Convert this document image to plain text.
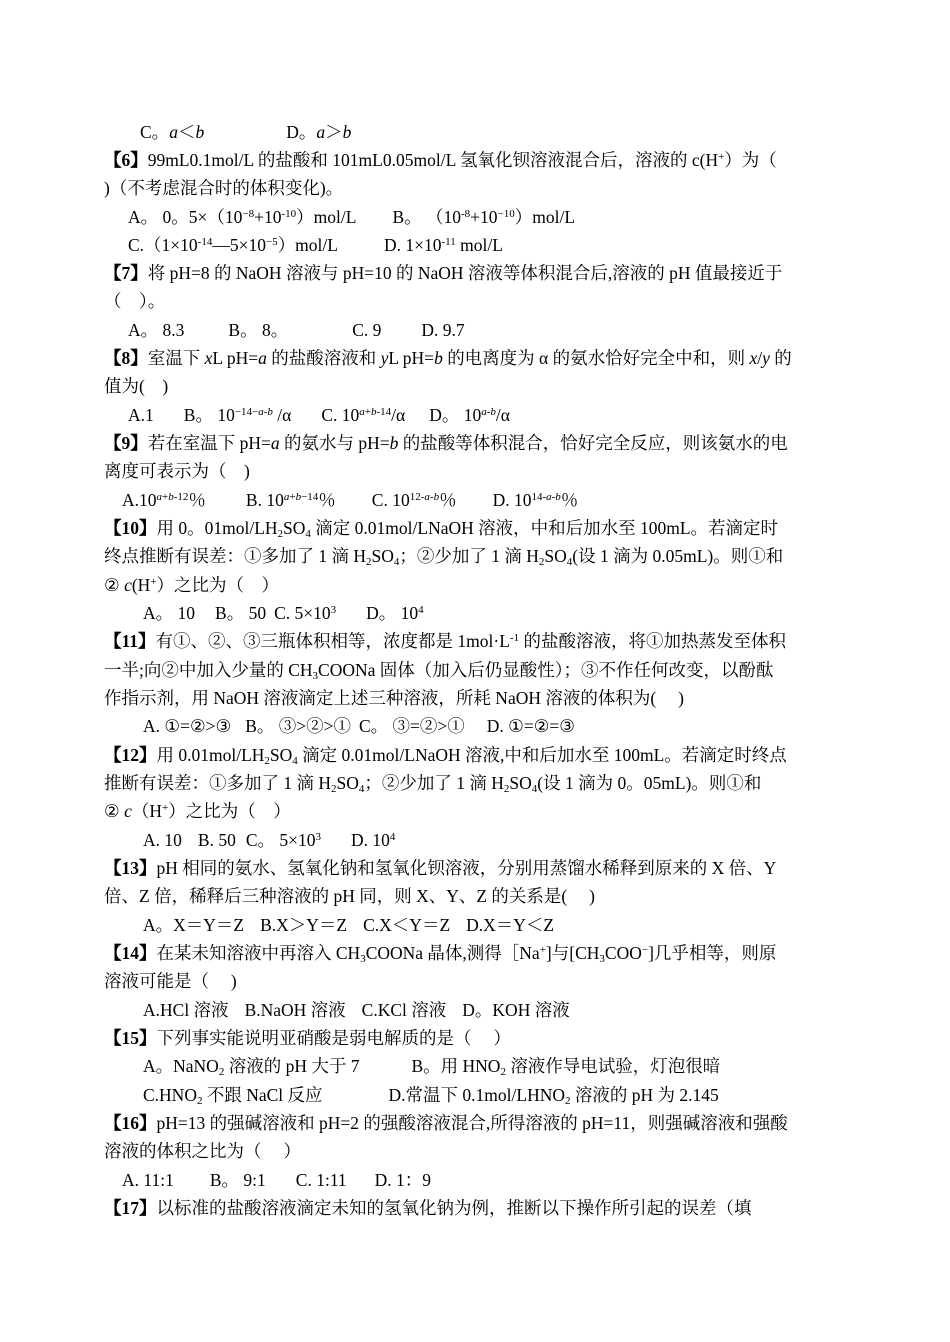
C。a＜b	D。a＞b
【6】99mL0.1mol/L 的盐酸和 101mL0.05mol/L 氢氧化钡溶液混合后，溶液的 c(H+）为（
)（不考虑混合时的体积变化)。
A。 0。$5\times(10^{-8}+10^{-10})mol/L$ B。 $(10^{-8}+10^{-10})mol/L$
$C.(1\times 10^{-14}—5\times 10^{-5})mol/L$	D. $1\times 10^{-11}$ mol/L
【7】将 pH=8 的 NaOH 溶液与 pH=10 的 NaOH 溶液等体积混合后,溶液的 pH 值最接近于
（　）。
A。 8.3	B。 8。	C. 9 D. 9.7
【8】室温下 xL pH=a 的盐酸溶液和 yL pH=b 的电离度为 α 的氨水恰好完全中和，则 x/y 的
值为(　)
A.1 B。 $10^{-14-a-b}$ /α C. $10^{a+b-14}/\alpha$ D。 10$^{a-b}$/α
【9】若在室温下 pH=a 的氨水与 pH=b 的盐酸等体积混合，恰好完全反应，则该氨水的电
离度可表示为（　)
$A.10^{a+b-12}$％ B. $10^{a+b-14}$％ C. 10$^{12-a-b}$％ D. 10$^{14-a-b}$％
【10】用 0。$01mol/LH_2SO_4$ 滴定 0.01mol/LNaOH 溶液，中和后加水至 100mL。若滴定时
终点推断有误差：①多加了 1 滴 $H_2SO_4$；②少加了 1 滴 $H_2SO_4$(设 1 滴为 0.05mL)。则①和
② c(H+）之比为（　）
A。 10 B。 50 C. $5\times 10^3$ D。 $10^4$
【11】有①、②、③三瓶体积相等，浓度都是 $1mol\cdot L^{-1}$ 的盐酸溶液，将①加热蒸发至体积
一半;向②中加入少量的 $CH_3COONa$ 固体（加入后仍显酸性）；③不作任何改变，以酚酞
作指示剂，用 NaOH 溶液滴定上述三种溶液，所耗 NaOH 溶液的体积为(　 )
A. ①=②>③ B。 ③>②>① C。 ③=②>① D. ①=②=③
【12】用 $0.01mol/LH_2SO_4$ 滴定 0.01mol/LNaOH 溶液,中和后加水至 100mL。若滴定时终点
推断有误差：①多加了 1 滴 $H_2SO_4$；②少加了 1 滴 $H_2SO_4$(设 1 滴为 0。05mL)。则①和
② c（H+）之比为（　）
A. 10 B. 50 C。 $5\times 10^3$ D. $10^4$
【13】pH 相同的氨水、氢氧化钠和氢氧化钡溶液，分别用蒸馏水稀释到原来的 X 倍、Y
倍、Z 倍，稀释后三种溶液的 pH 同，则 X、Y、Z 的关系是(　 )
A。X＝Y＝Z B.X＞Y＝Z C.X＜Y＝Z D.X＝Y＜Z
【14】在某未知溶液中再溶入 $CH_3COONa$ 晶体,测得［Na+]与$[CH_3COO^-]$几乎相等，则原
溶液可能是（　 )
A.HCl 溶液 B.NaOH 溶液 C.KCl 溶液 D。KOH 溶液
【15】下列事实能说明亚硝酸是弱电解质的是（　 ）
A。NaNO$_2$ 溶液的 pH 大于 7	B。用 $HNO_2$ 溶液作导电试验，灯泡很暗
$C.HNO_2$ 不跟 NaCl 反应	D.常温下 $0.1mol/LHNO_2$ 溶液的 pH 为 2.145
【16】pH=13 的强碱溶液和 pH=2 的强酸溶液混合,所得溶液的 pH=11，则强碱溶液和强酸
溶液的体积之比为（　 ）
A. 11:1 B。 9:1 C. 1:11 D. 1：9
【17】以标准的盐酸溶液滴定未知的氢氧化钠为例，推断以下操作所引起的误差（填
